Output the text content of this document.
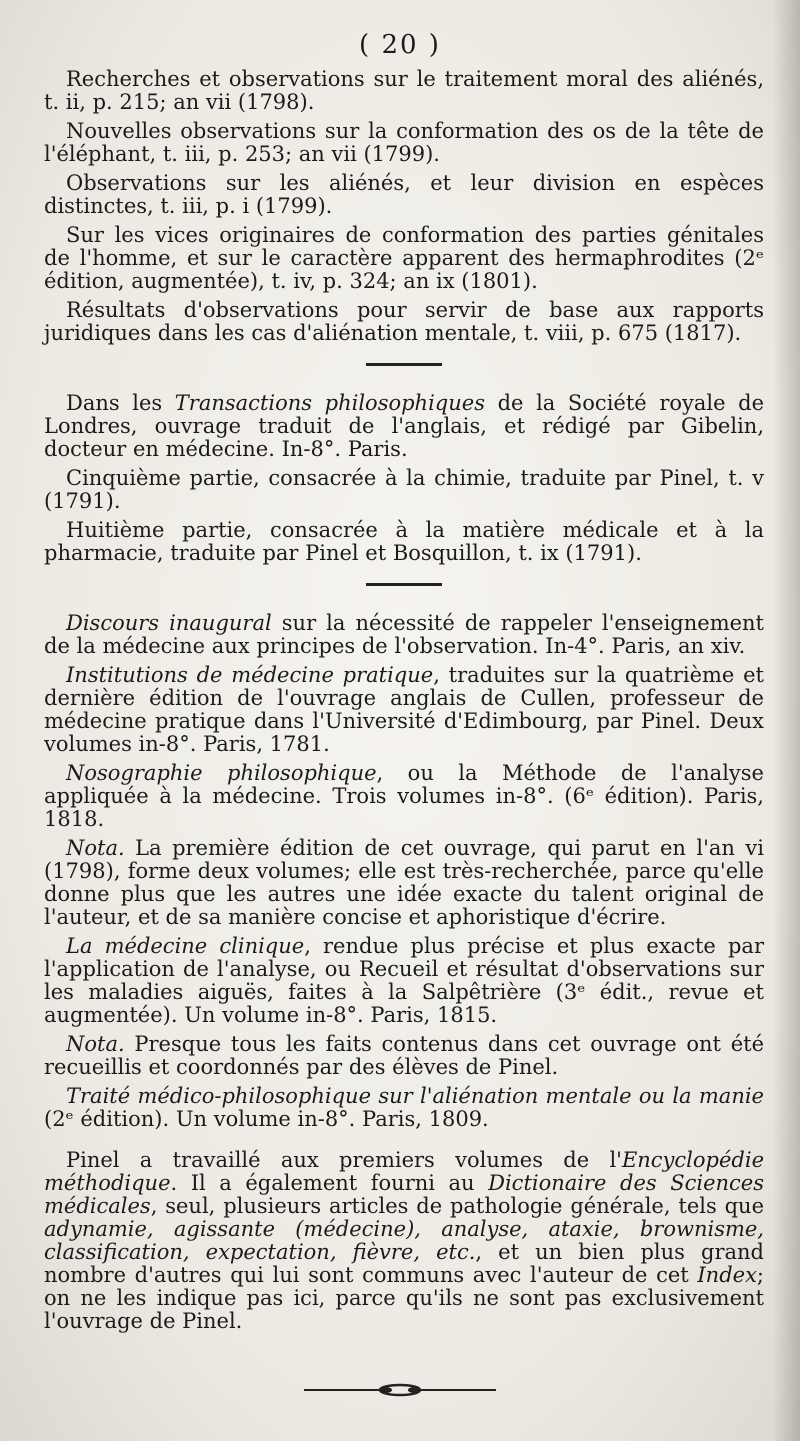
( 20 )

Recherches et observations sur le traitement moral des aliénés, t. ii, p. 215; an vii (1798).

Nouvelles observations sur la conformation des os de la tête de l'éléphant, t. iii, p. 253; an vii (1799).

Observations sur les aliénés, et leur division en espèces distinctes, t. iii, p. i (1799).

Sur les vices originaires de conformation des parties génitales de l'homme, et sur le caractère apparent des hermaphrodites (2ᵉ édition, augmentée), t. iv, p. 324; an ix (1801).

Résultats d'observations pour servir de base aux rapports juridiques dans les cas d'aliénation mentale, t. viii, p. 675 (1817).

Dans les Transactions philosophiques de la Société royale de Londres, ouvrage traduit de l'anglais, et rédigé par Gibelin, docteur en médecine. In-8°. Paris.

Cinquième partie, consacrée à la chimie, traduite par Pinel, t. v (1791).

Huitième partie, consacrée à la matière médicale et à la pharmacie, traduite par Pinel et Bosquillon, t. ix (1791).

Discours inaugural sur la nécessité de rappeler l'enseignement de la médecine aux principes de l'observation. In-4°. Paris, an xiv.

Institutions de médecine pratique, traduites sur la quatrième et dernière édition de l'ouvrage anglais de Cullen, professeur de médecine pratique dans l'Université d'Edimbourg, par Pinel. Deux volumes in-8°. Paris, 1781.

Nosographie philosophique, ou la Méthode de l'analyse appliquée à la médecine. Trois volumes in-8°. (6ᵉ édition). Paris, 1818.

Nota. La première édition de cet ouvrage, qui parut en l'an vi (1798), forme deux volumes; elle est très-recherchée, parce qu'elle donne plus que les autres une idée exacte du talent original de l'auteur, et de sa manière concise et aphoristique d'écrire.

La médecine clinique, rendue plus précise et plus exacte par l'application de l'analyse, ou Recueil et résultat d'observations sur les maladies aiguës, faites à la Salpêtrière (3ᵉ édit., revue et augmentée). Un volume in-8°. Paris, 1815.

Nota. Presque tous les faits contenus dans cet ouvrage ont été recueillis et coordonnés par des élèves de Pinel.

Traité médico-philosophique sur l'aliénation mentale ou la manie (2ᵉ édition). Un volume in-8°. Paris, 1809.

Pinel a travaillé aux premiers volumes de l'Encyclopédie méthodique. Il a également fourni au Dictionaire des Sciences médicales, seul, plusieurs articles de pathologie générale, tels que adynamie, agissante (médecine), analyse, ataxie, brownisme, classification, expectation, fièvre, etc., et un bien plus grand nombre d'autres qui lui sont communs avec l'auteur de cet Index; on ne les indique pas ici, parce qu'ils ne sont pas exclusivement l'ouvrage de Pinel.
